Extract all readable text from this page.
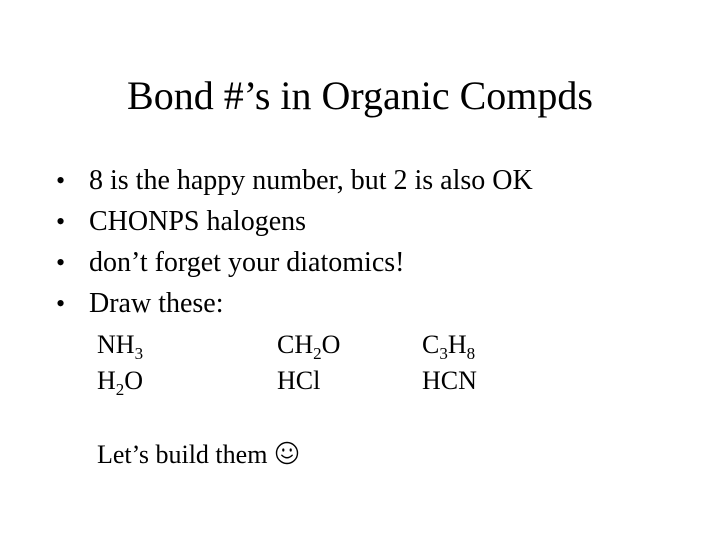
Bond #’s in Organic Compds
• 8 is the happy number, but 2 is also OK
• CHONPS halogens
• don’t forget your diatomics!
• Draw these:
$NH_3$	$CH_2O$	$C_3H_8$
$H_2O$	HCl	HCN
Let’s build them
